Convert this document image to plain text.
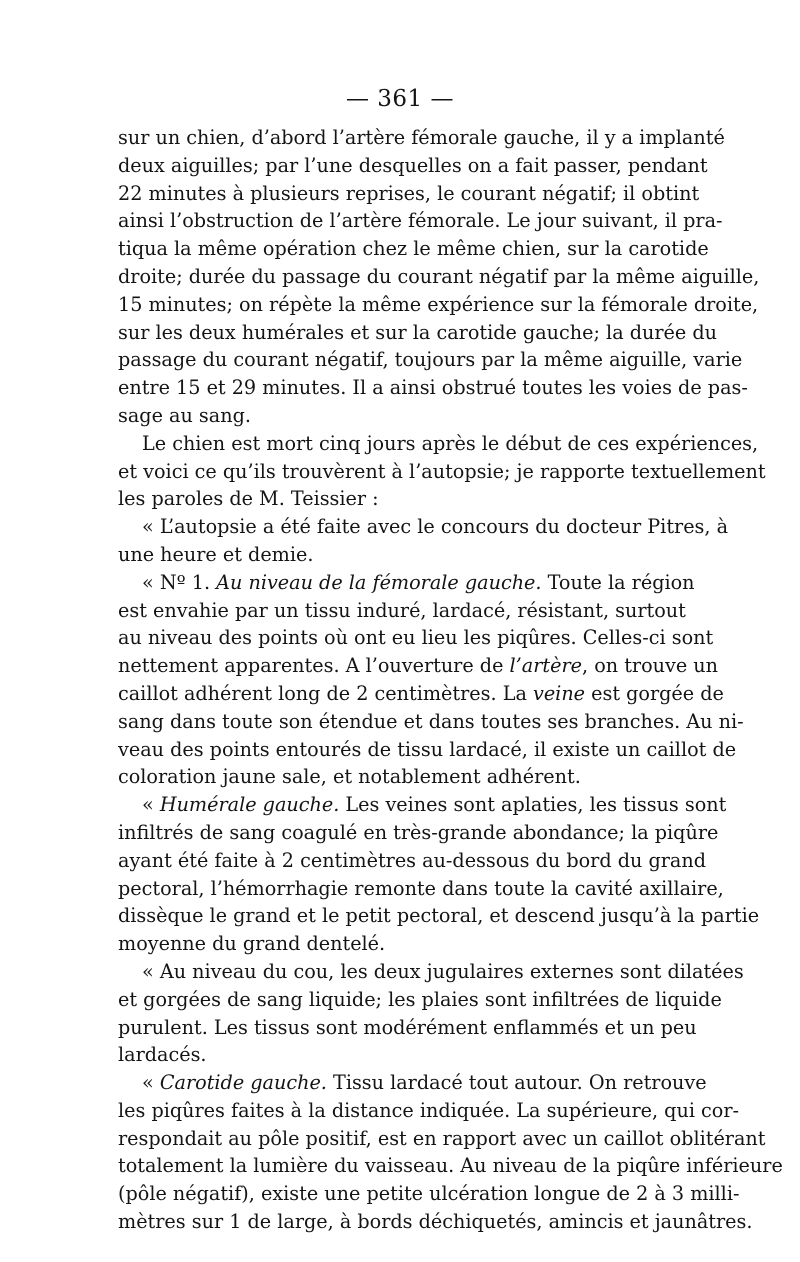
— 361 —
sur un chien, d’abord l’artère fémorale gauche, il y a implanté
deux aiguilles; par l’une desquelles on a fait passer, pendant
22 minutes à plusieurs reprises, le courant négatif; il obtint
ainsi l’obstruction de l’artère fémorale. Le jour suivant, il pra-
tiqua la même opération chez le même chien, sur la carotide
droite; durée du passage du courant négatif par la même aiguille,
15 minutes; on répète la même expérience sur la fémorale droite,
sur les deux humérales et sur la carotide gauche; la durée du
passage du courant négatif, toujours par la même aiguille, varie
entre 15 et 29 minutes. Il a ainsi obstrué toutes les voies de pas-
sage au sang.
Le chien est mort cinq jours après le début de ces expériences,
et voici ce qu’ils trouvèrent à l’autopsie; je rapporte textuellement
les paroles de M. Teissier :
« L’autopsie a été faite avec le concours du docteur Pitres, à
une heure et demie.
« Nº 1. Au niveau de la fémorale gauche. Toute la région
est envahie par un tissu induré, lardacé, résistant, surtout
au niveau des points où ont eu lieu les piqûres. Celles-ci sont
nettement apparentes. A l’ouverture de l’artère, on trouve un
caillot adhérent long de 2 centimètres. La veine est gorgée de
sang dans toute son étendue et dans toutes ses branches. Au ni-
veau des points entourés de tissu lardacé, il existe un caillot de
coloration jaune sale, et notablement adhérent.
« Humérale gauche. Les veines sont aplaties, les tissus sont
infiltrés de sang coagulé en très-grande abondance; la piqûre
ayant été faite à 2 centimètres au-dessous du bord du grand
pectoral, l’hémorrhagie remonte dans toute la cavité axillaire,
dissèque le grand et le petit pectoral, et descend jusqu’à la partie
moyenne du grand dentelé.
« Au niveau du cou, les deux jugulaires externes sont dilatées
et gorgées de sang liquide; les plaies sont infiltrées de liquide
purulent. Les tissus sont modérément enflammés et un peu
lardacés.
« Carotide gauche. Tissu lardacé tout autour. On retrouve
les piqûres faites à la distance indiquée. La supérieure, qui cor-
respondait au pôle positif, est en rapport avec un caillot oblitérant
totalement la lumière du vaisseau. Au niveau de la piqûre inférieure
(pôle négatif), existe une petite ulcération longue de 2 à 3 milli-
mètres sur 1 de large, à bords déchiquetés, amincis et jaunâtres.
